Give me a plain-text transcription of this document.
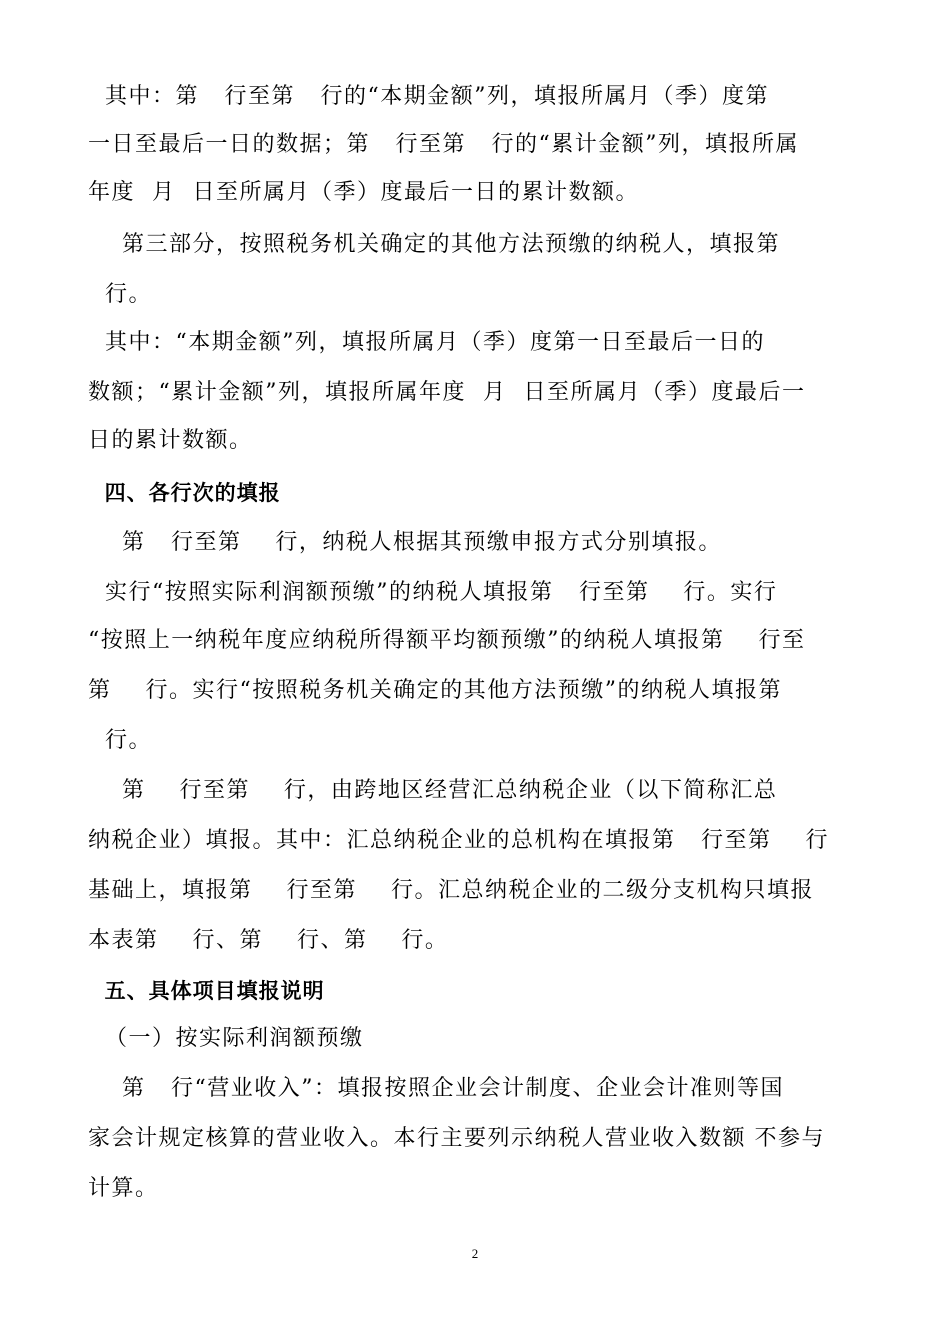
其中：第   行至第   行的“本期金额”列，填报所属月（季）度第
一日至最后一日的数据；第   行至第   行的“累计金额”列，填报所属
年度  月  日至所属月（季）度最后一日的累计数额。
第三部分，按照税务机关确定的其他方法预缴的纳税人，填报第
行。
其中：“本期金额”列，填报所属月（季）度第一日至最后一日的
数额；“累计金额”列，填报所属年度  月  日至所属月（季）度最后一
日的累计数额。
四、各行次的填报
第   行至第    行，纳税人根据其预缴申报方式分别填报。
实行“按照实际利润额预缴”的纳税人填报第   行至第    行。实行
“按照上一纳税年度应纳税所得额平均额预缴”的纳税人填报第    行至
第    行。实行“按照税务机关确定的其他方法预缴”的纳税人填报第
行。
第    行至第    行，由跨地区经营汇总纳税企业（以下简称汇总
纳税企业）填报。其中：汇总纳税企业的总机构在填报第   行至第    行
基础上，填报第    行至第    行。汇总纳税企业的二级分支机构只填报
本表第    行、第    行、第    行。
五、具体项目填报说明
（一）按实际利润额预缴
第   行“营业收入”：填报按照企业会计制度、企业会计准则等国
家会计规定核算的营业收入。本行主要列示纳税人营业收入数额 不参与
计算。
2
